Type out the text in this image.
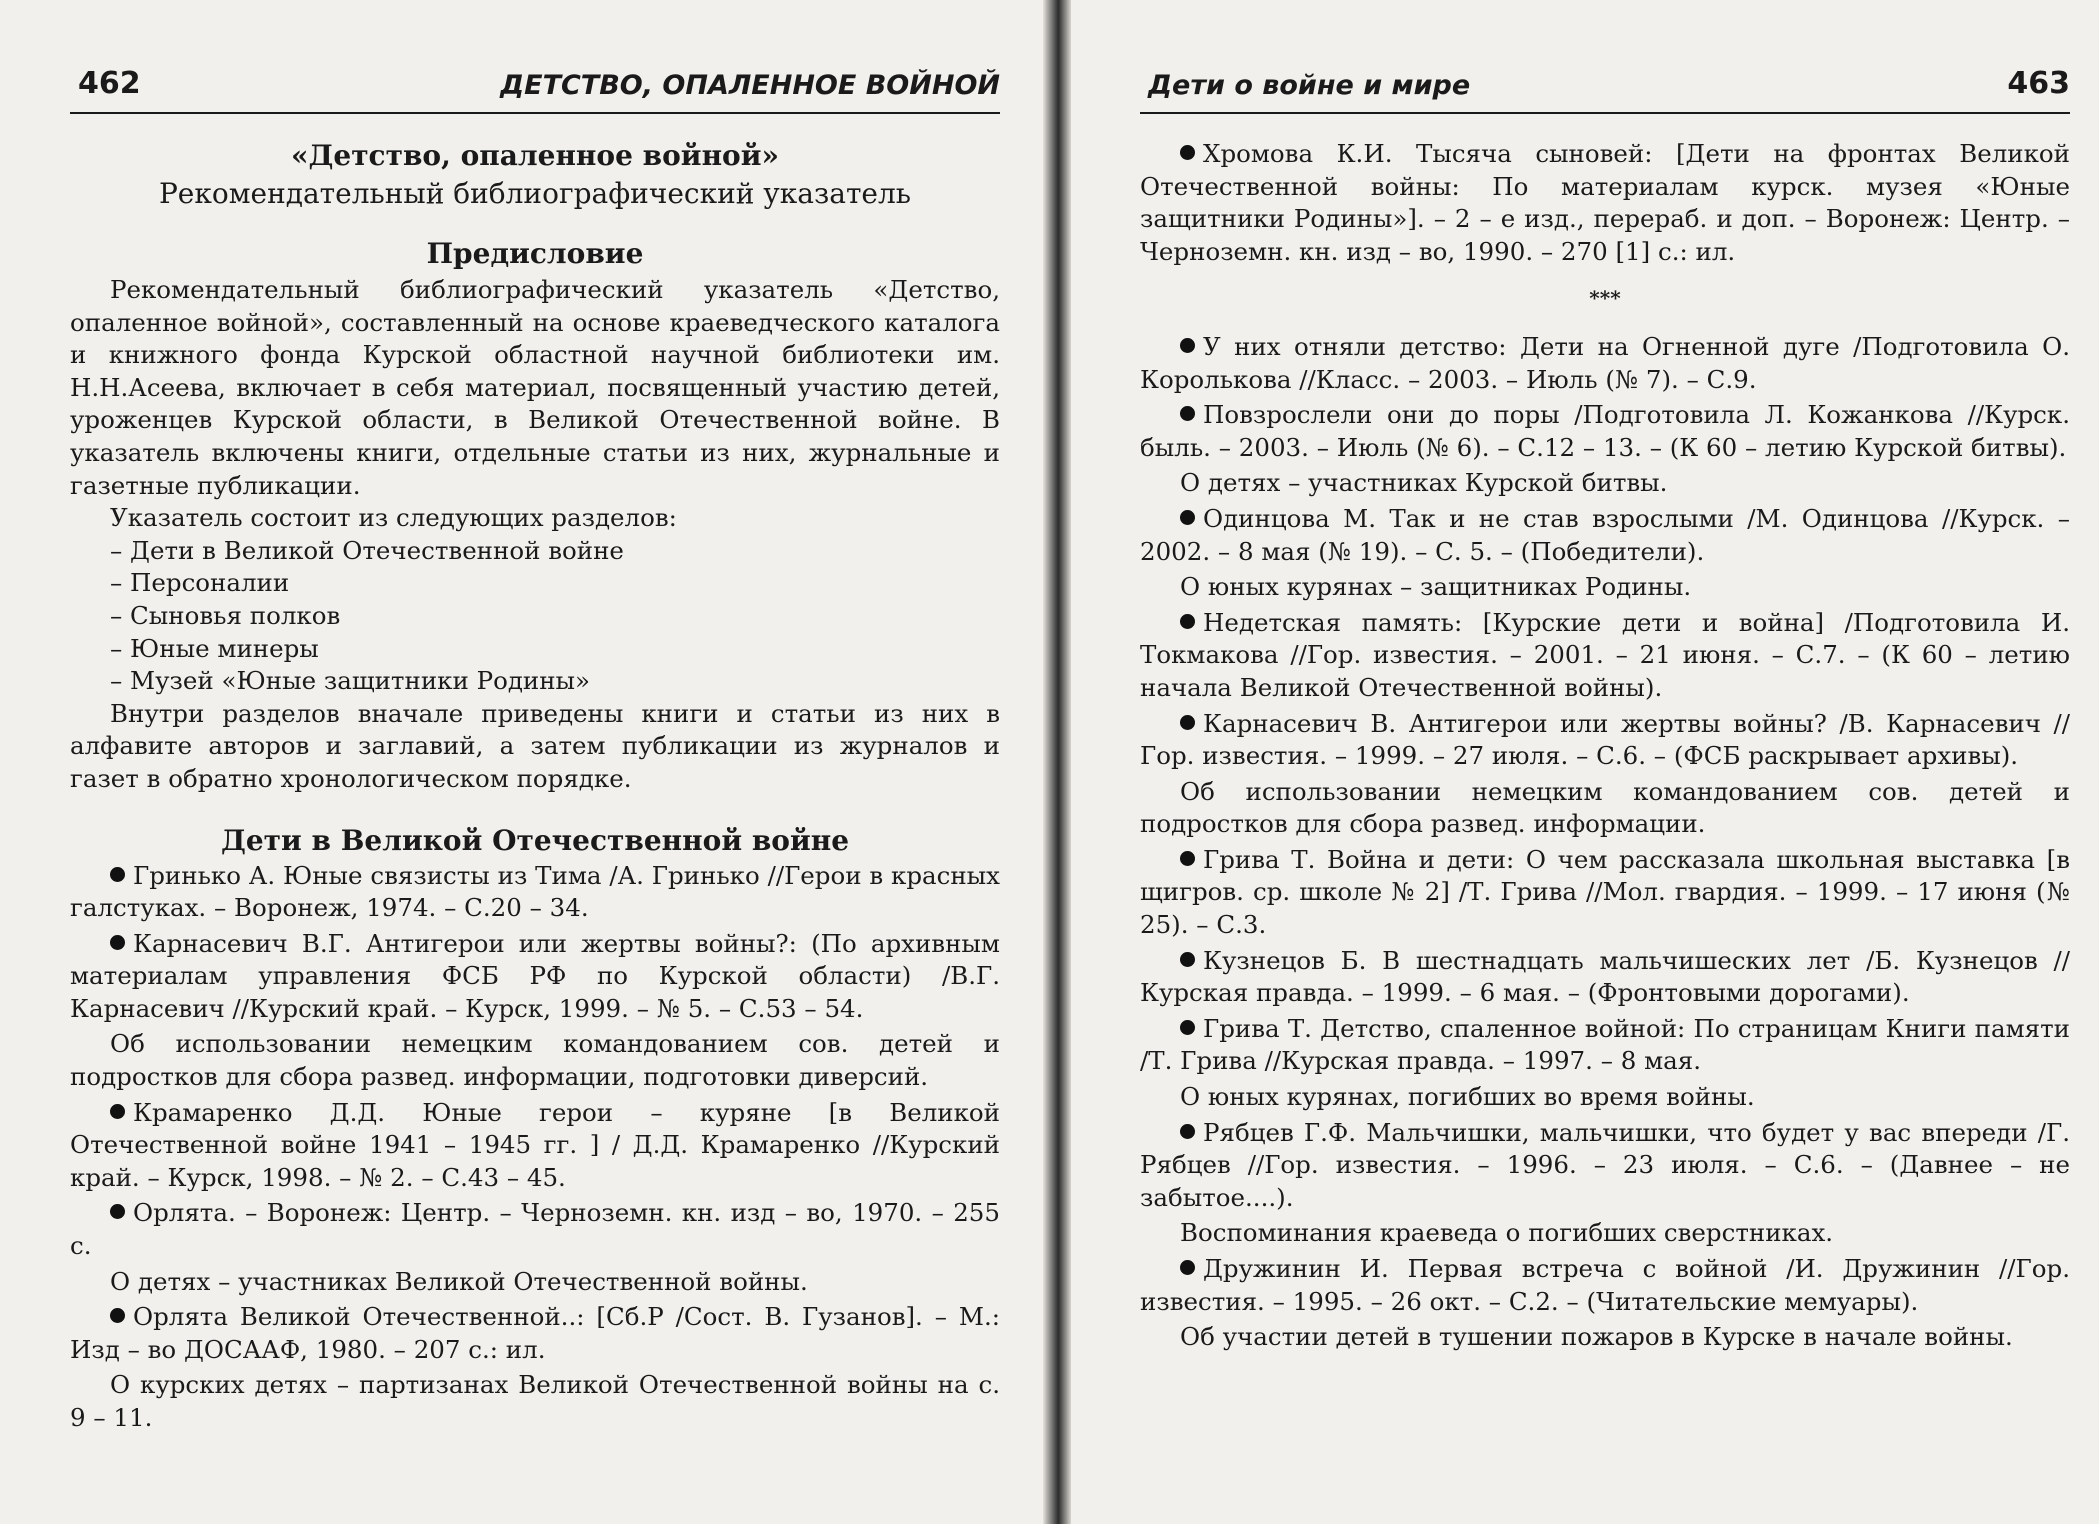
462	ДЕТСТВО, ОПАЛЕННОЕ ВОЙНОЙ
«Детство, опаленное войной»
Рекомендательный библиографический указатель
Предисловие

Рекомендательный библиографический указатель «Детство, опаленное войной», составленный на основе краеведческого каталога и книжного фонда Курской областной научной библиотеки им. Н.Н.Асеева, включает в себя материал, посвященный участию детей, уроженцев Курской области, в Великой Отечественной войне. В указатель включены книги, отдельные статьи из них, журнальные и газетные публикации.

Указатель состоит из следующих разделов:

– Дети в Великой Отечественной войне

– Персоналии

– Сыновья полков

– Юные минеры

– Музей «Юные защитники Родины»

Внутри разделов вначале приведены книги и статьи из них в алфавите авторов и заглавий, а затем публикации из журналов и газет в обратно хронологическом порядке.

Дети в Великой Отечественной войне

Гринько А. Юные связисты из Тима /А. Гринько //Герои в красных галстуках. – Воронеж, 1974. – С.20 – 34.

Карнасевич В.Г. Антигерои или жертвы войны?: (По архивным материалам управления ФСБ РФ по Курской области) /В.Г. Карнасевич //Курский край. – Курск, 1999. – № 5. – С.53 – 54.

Об использовании немецким командованием сов. детей и подростков для сбора развед. информации, подготовки диверсий.

Крамаренко Д.Д. Юные герои – куряне [в Великой Отечественной войне 1941 – 1945 гг. ] / Д.Д. Крамаренко //Курский край. – Курск, 1998. – № 2. – С.43 – 45.

Орлята. – Воронеж: Центр. – Черноземн. кн. изд – во, 1970. – 255 с.

О детях – участниках Великой Отечественной войны.

Орлята Великой Отечественной..: [Сб.Р /Сост. В. Гузанов]. – М.: Изд – во ДОСААФ, 1980. – 207 с.: ил.

О курских детях – партизанах Великой Отечественной войны на с. 9 – 11.

Дети о войне и мире	463

Хромова К.И. Тысяча сыновей: [Дети на фронтах Великой Отечественной войны: По материалам курск. музея «Юные защитники Родины»]. – 2 – е изд., перераб. и доп. – Воронеж: Центр. – Черноземн. кн. изд – во, 1990. – 270 [1] с.: ил.

***

У них отняли детство: Дети на Огненной дуге /Подготовила О. Королькова //Класс. – 2003. – Июль (№ 7). – С.9.

Повзрослели они до поры /Подготовила Л. Кожанкова //Курск. быль. – 2003. – Июль (№ 6). – С.12 – 13. – (К 60 – летию Курской битвы).

О детях – участниках Курской битвы.

Одинцова М. Так и не став взрослыми /М. Одинцова //Курск. – 2002. – 8 мая (№ 19). – С. 5. – (Победители).

О юных курянах – защитниках Родины.

Недетская память: [Курские дети и война] /Подготовила И. Токмакова //Гор. известия. – 2001. – 21 июня. – С.7. – (К 60 – летию начала Великой Отечественной войны).

Карнасевич В. Антигерои или жертвы войны? /В. Карнасевич //Гор. известия. – 1999. – 27 июля. – С.6. – (ФСБ раскрывает архивы).

Об использовании немецким командованием сов. детей и подростков для сбора развед. информации.

Грива Т. Война и дети: О чем рассказала школьная выставка [в щигров. ср. школе № 2] /Т. Грива //Мол. гвардия. – 1999. – 17 июня (№ 25). – С.3.

Кузнецов Б. В шестнадцать мальчишеских лет /Б. Кузнецов // Курская правда. – 1999. – 6 мая. – (Фронтовыми дорогами).

Грива Т. Детство, спаленное войной: По страницам Книги памяти /Т. Грива //Курская правда. – 1997. – 8 мая.

О юных курянах, погибших во время войны.

Рябцев Г.Ф. Мальчишки, мальчишки, что будет у вас впереди /Г. Рябцев //Гор. известия. – 1996. – 23 июля. – С.6. – (Давнее – не забытое....).

Воспоминания краеведа о погибших сверстниках.

Дружинин И. Первая встреча с войной /И. Дружинин //Гор. известия. – 1995. – 26 окт. – С.2. – (Читательские мемуары).

Об участии детей в тушении пожаров в Курске в начале войны.
